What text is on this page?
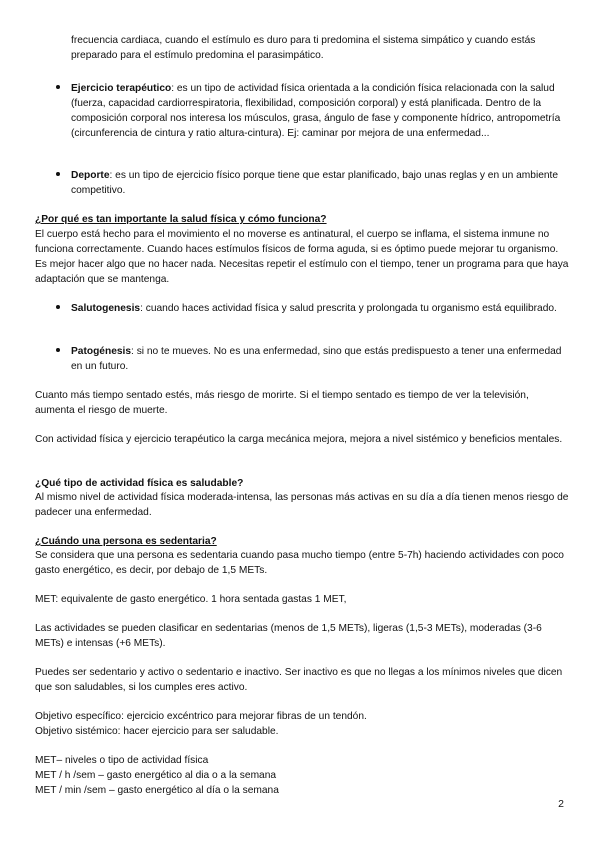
frecuencia cardiaca, cuando el estímulo es duro para ti predomina el sistema simpático y cuando estás preparado para el estímulo predomina el parasimpático.
Ejercicio terapéutico: es un tipo de actividad física orientada a la condición física relacionada con la salud (fuerza, capacidad cardiorrespiratoria, flexibilidad, composición corporal) y está planificada. Dentro de la composición corporal nos interesa los músculos, grasa, ángulo de fase y componente hídrico, antropometría (circunferencia de cintura y ratio altura-cintura). Ej: caminar por mejora de una enfermedad...
Deporte: es un tipo de ejercicio físico porque tiene que estar planificado, bajo unas reglas y en un ambiente competitivo.
¿Por qué es tan importante la salud física y cómo funciona?
El cuerpo está hecho para el movimiento el no moverse es antinatural, el cuerpo se inflama, el sistema inmune no funciona correctamente. Cuando haces estímulos físicos de forma aguda, si es óptimo puede mejorar tu organismo. Es mejor hacer algo que no hacer nada. Necesitas repetir el estímulo con el tiempo, tener un programa para que haya adaptación que se mantenga.
Salutogenesis: cuando haces actividad física y salud prescrita y prolongada tu organismo está equilibrado.
Patogénesis: si no te mueves. No es una enfermedad, sino que estás predispuesto a tener una enfermedad en un futuro.
Cuanto más tiempo sentado estés, más riesgo de morirte. Si el tiempo sentado es tiempo de ver la televisión, aumenta el riesgo de muerte.
Con actividad física y ejercicio terapéutico la carga mecánica mejora, mejora a nivel sistémico y beneficios mentales.
¿Qué tipo de actividad física es saludable?
Al mismo nivel de actividad física moderada-intensa, las personas más activas en su día a día tienen menos riesgo de padecer una enfermedad.
¿Cuándo una persona es sedentaria?
Se considera que una persona es sedentaria cuando pasa mucho tiempo (entre 5-7h) haciendo actividades con poco gasto energético, es decir, por debajo de 1,5 METs.
MET: equivalente de gasto energético. 1 hora sentada gastas 1 MET,
Las actividades se pueden clasificar en sedentarias (menos de 1,5 METs), ligeras (1,5-3 METs), moderadas (3-6 METs) e intensas (+6 METs).
Puedes ser sedentario y activo o sedentario e inactivo. Ser inactivo es que no llegas a los mínimos niveles que dicen que son saludables, si los cumples eres activo.
Objetivo específico: ejercicio excéntrico para mejorar fibras de un tendón.
Objetivo sistémico: hacer ejercicio para ser saludable.
MET– niveles o tipo de actividad física
MET / h /sem – gasto energético al dia o a la semana
MET / min /sem – gasto energético al día o la semana
2
